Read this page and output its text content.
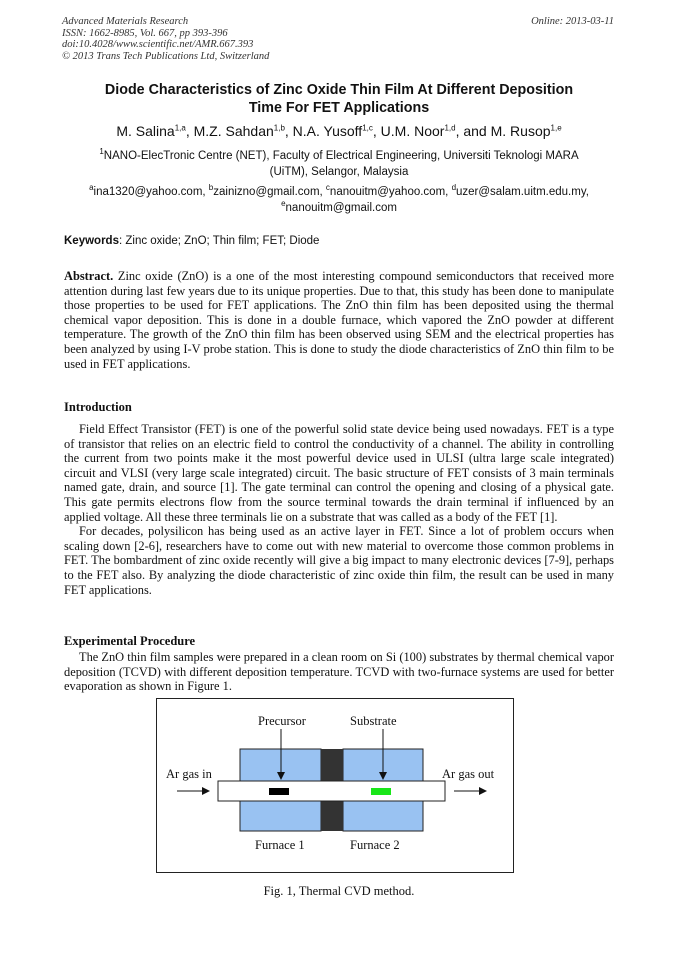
Advanced Materials Research
ISSN: 1662-8985, Vol. 667, pp 393-396
doi:10.4028/www.scientific.net/AMR.667.393
© 2013 Trans Tech Publications Ltd, Switzerland
Online: 2013-03-11
Diode Characteristics of Zinc Oxide Thin Film At Different Deposition
Time For FET Applications
M. Salina$^{1,a}$, M.Z. Sahdan$^{1,b}$, N.A. Yusoff$^{1,c}$, U.M. Noor$^{1,d}$, and M. Rusop$^{1,e}$
$^1$NANO-ElecTronic Centre (NET), Faculty of Electrical Engineering, Universiti Teknologi MARA
(UiTM), Selangor, Malaysia
$^a$ina1320@yahoo.com, $^b$zainizno@gmail.com, $^c$nanouitm@yahoo.com, $^d$uzer@salam.uitm.edu.my,
$^e$nanouitm@gmail.com
Keywords: Zinc oxide; ZnO; Thin film; FET; Diode

Abstract. Zinc oxide (ZnO) is a one of the most interesting compound semiconductors that received more attention during last few years due to its unique properties. Due to that, this study has been done to manipulate those properties to be used for FET applications. The ZnO thin film has been deposited using the thermal chemical vapor deposition. This is done in a double furnace, which vapored the ZnO powder at different temperature. The growth of the ZnO thin film has been observed using SEM and the electrical properties has been analyzed by using I-V probe station. This is done to study the diode characteristics of ZnO thin film to be used in FET applications.

Introduction

Field Effect Transistor (FET) is one of the powerful solid state device being used nowadays. FET is a type of transistor that relies on an electric field to control the conductivity of a channel. The ability in controlling the current from two points make it the most powerful device used in ULSI (ultra large scale integrated) circuit and VLSI (very large scale integrated) circuit. The basic structure of FET consists of 3 main terminals named gate, drain, and source [1]. The gate terminal can control the opening and closing of a physical gate. This gate permits electrons flow from the source terminal towards the drain terminal if influenced by an applied voltage. All these three terminals lie on a substrate that was called as a body of the FET [1].

For decades, polysilicon has being used as an active layer in FET. Since a lot of problem occurs when scaling down [2-6], researchers have to come out with new material to overcome those common problems in FET. The bombardment of zinc oxide recently will give a big impact to many electronic devices [7-9], perhaps to the FET also. By analyzing the diode characteristic of zinc oxide thin film, the result can be used in many FET applications.

Experimental Procedure

The ZnO thin film samples were prepared in a clean room on Si (100) substrates by thermal chemical vapor deposition (TCVD) with different deposition temperature. TCVD with two-furnace systems are used for better evaporation as shown in Figure 1.

Precursor	Substrate
Ar gas in	Ar gas out
Furnace 1	Furnace 2
Fig. 1, Thermal CVD method.
